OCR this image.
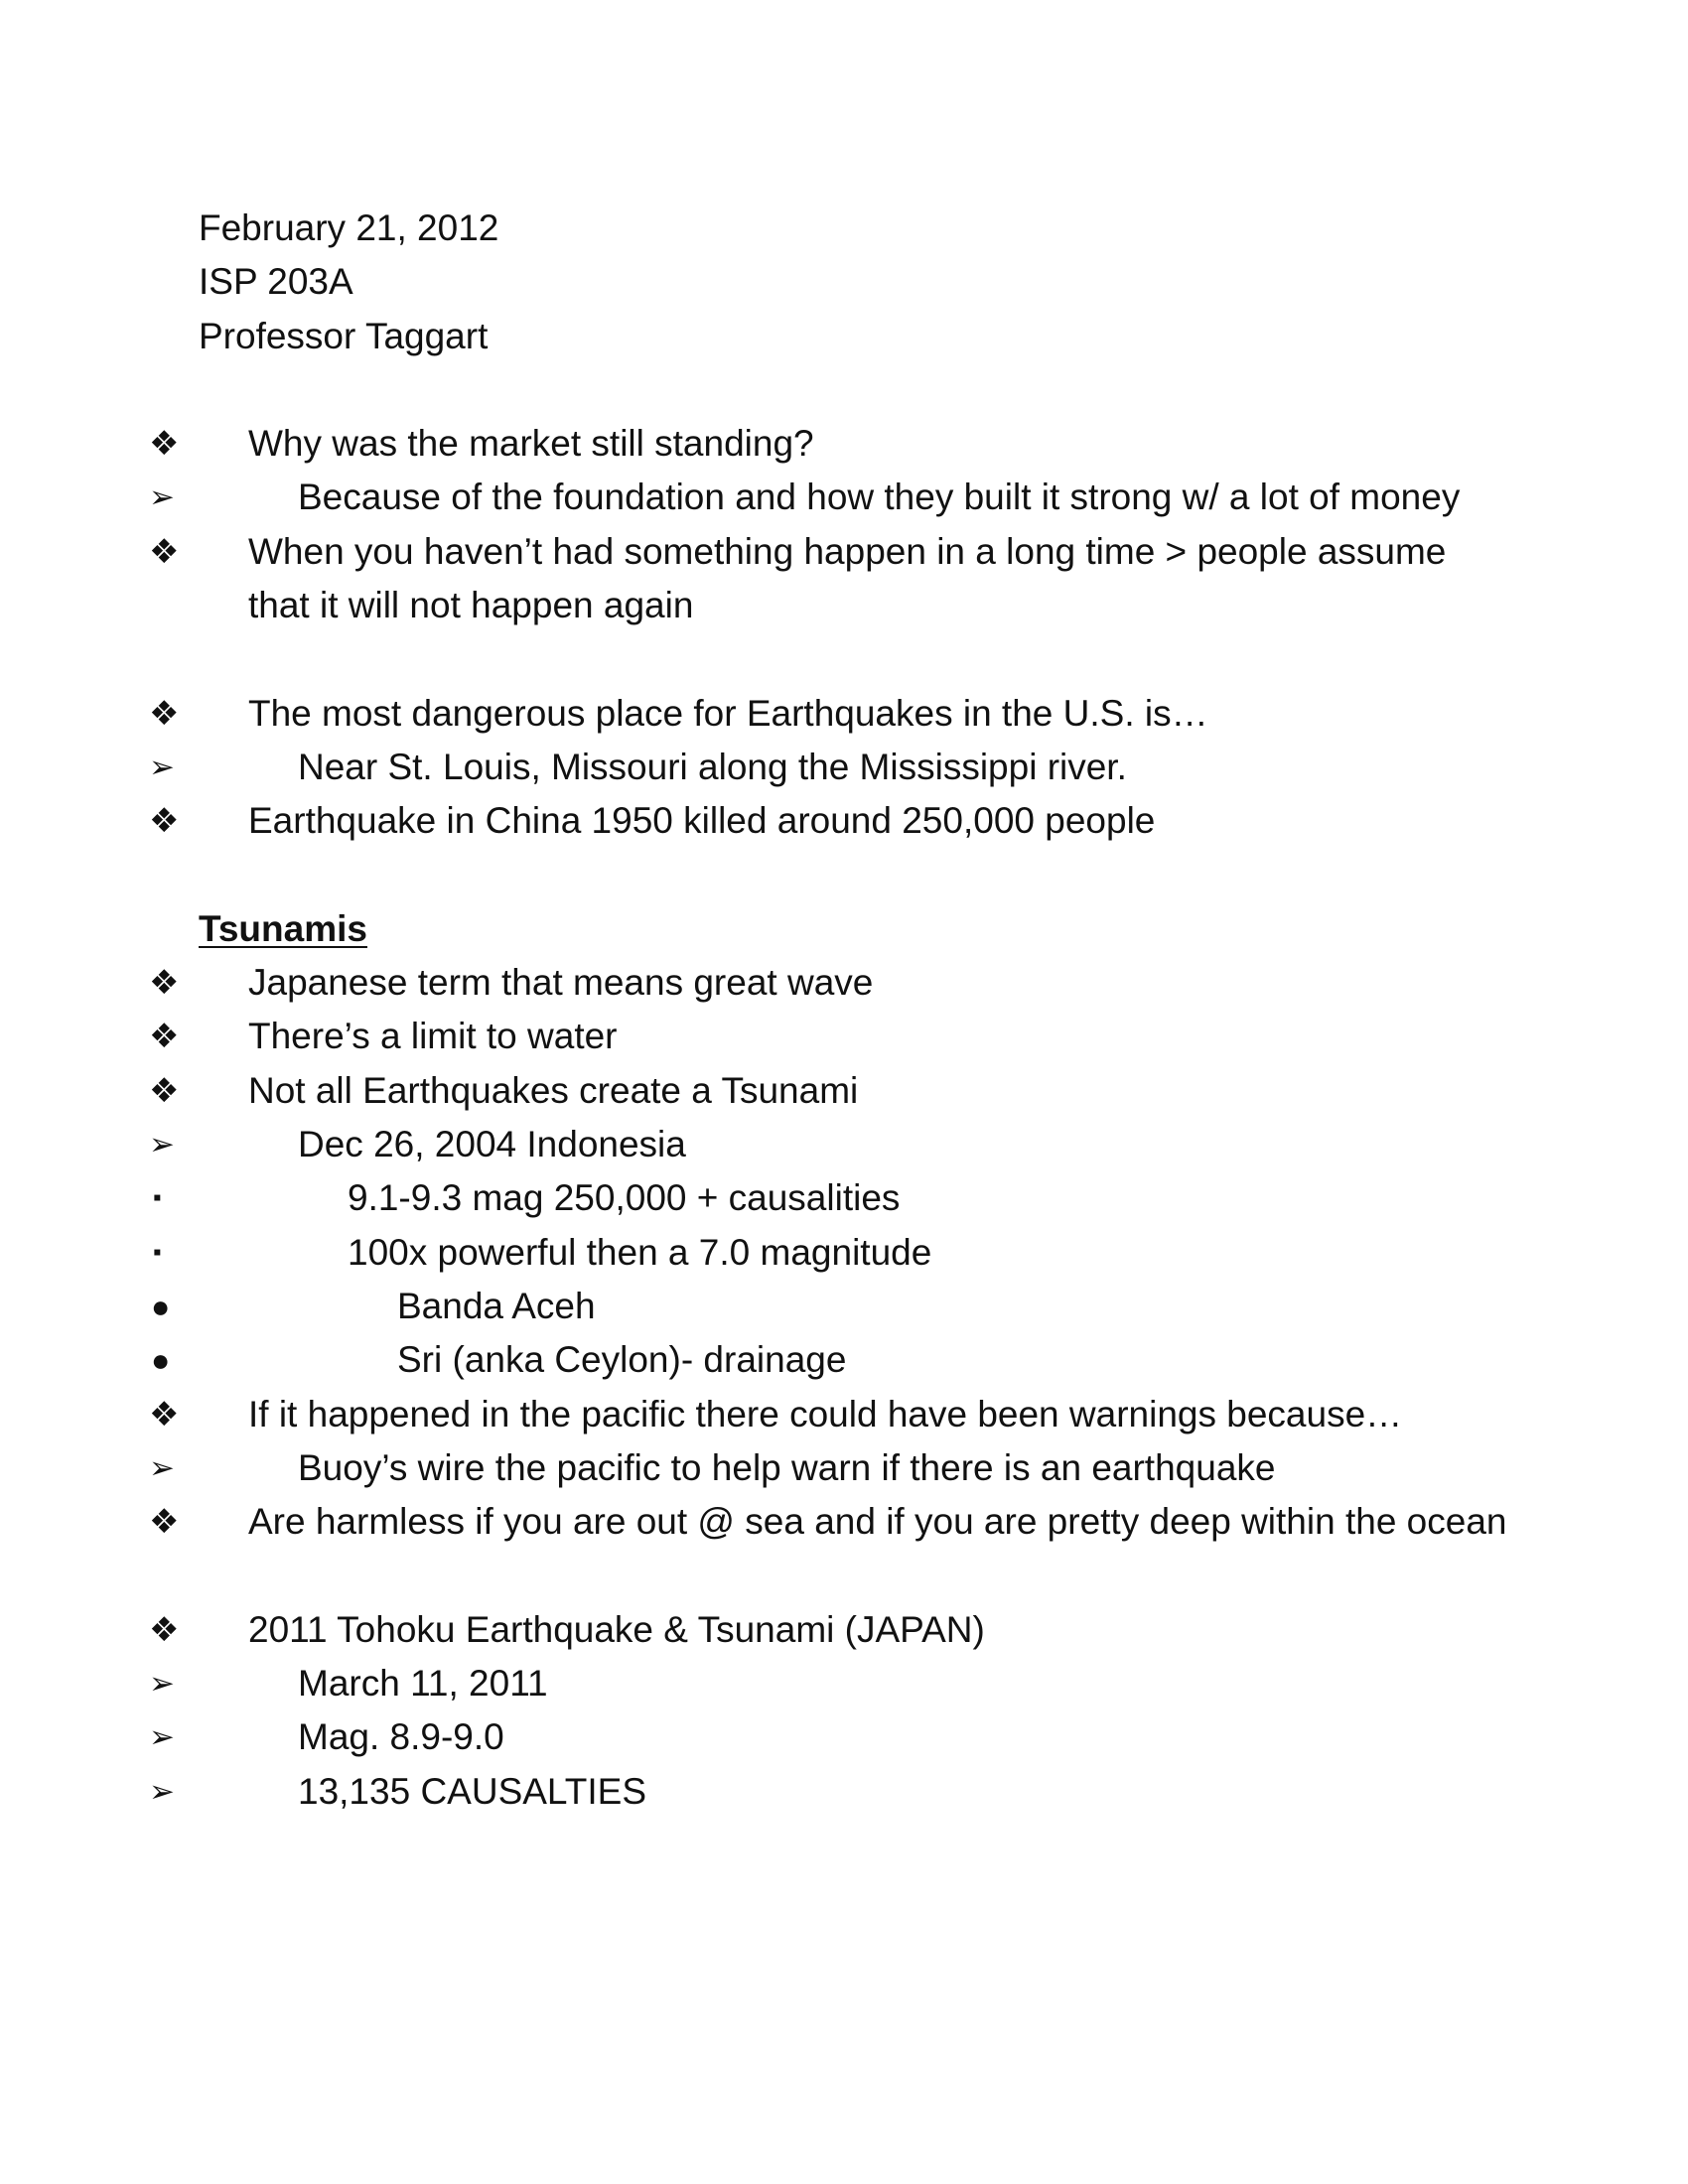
February 21, 2012
ISP 203A
Professor Taggart
❖	Why was the market still standing?
➢	Because of the foundation and how they built it strong w/ a lot of money
❖	When you haven’t had something happen in a long time > people assume that it will not happen again
❖	The most dangerous place for Earthquakes in the U.S. is…
➢	Near St. Louis, Missouri along the Mississippi river.
❖	Earthquake in China 1950 killed around 250,000 people
Tsunamis
❖	Japanese term that means great wave
❖	There’s a limit to water
❖	Not all Earthquakes create a Tsunami
➢	Dec 26, 2004 Indonesia
▪	9.1-9.3 mag 250,000 + causalities
▪	100x powerful then a 7.0 magnitude
●	Banda Aceh
●	Sri (anka Ceylon)- drainage
❖	If it happened in the pacific there could have been warnings because…
➢	Buoy’s wire the pacific to help warn if there is an earthquake
❖	Are harmless if you are out @ sea and if you are pretty deep within the ocean
❖	2011 Tohoku Earthquake & Tsunami (JAPAN)
➢	March 11, 2011
➢	Mag. 8.9-9.0
➢	13,135 CAUSALTIES
